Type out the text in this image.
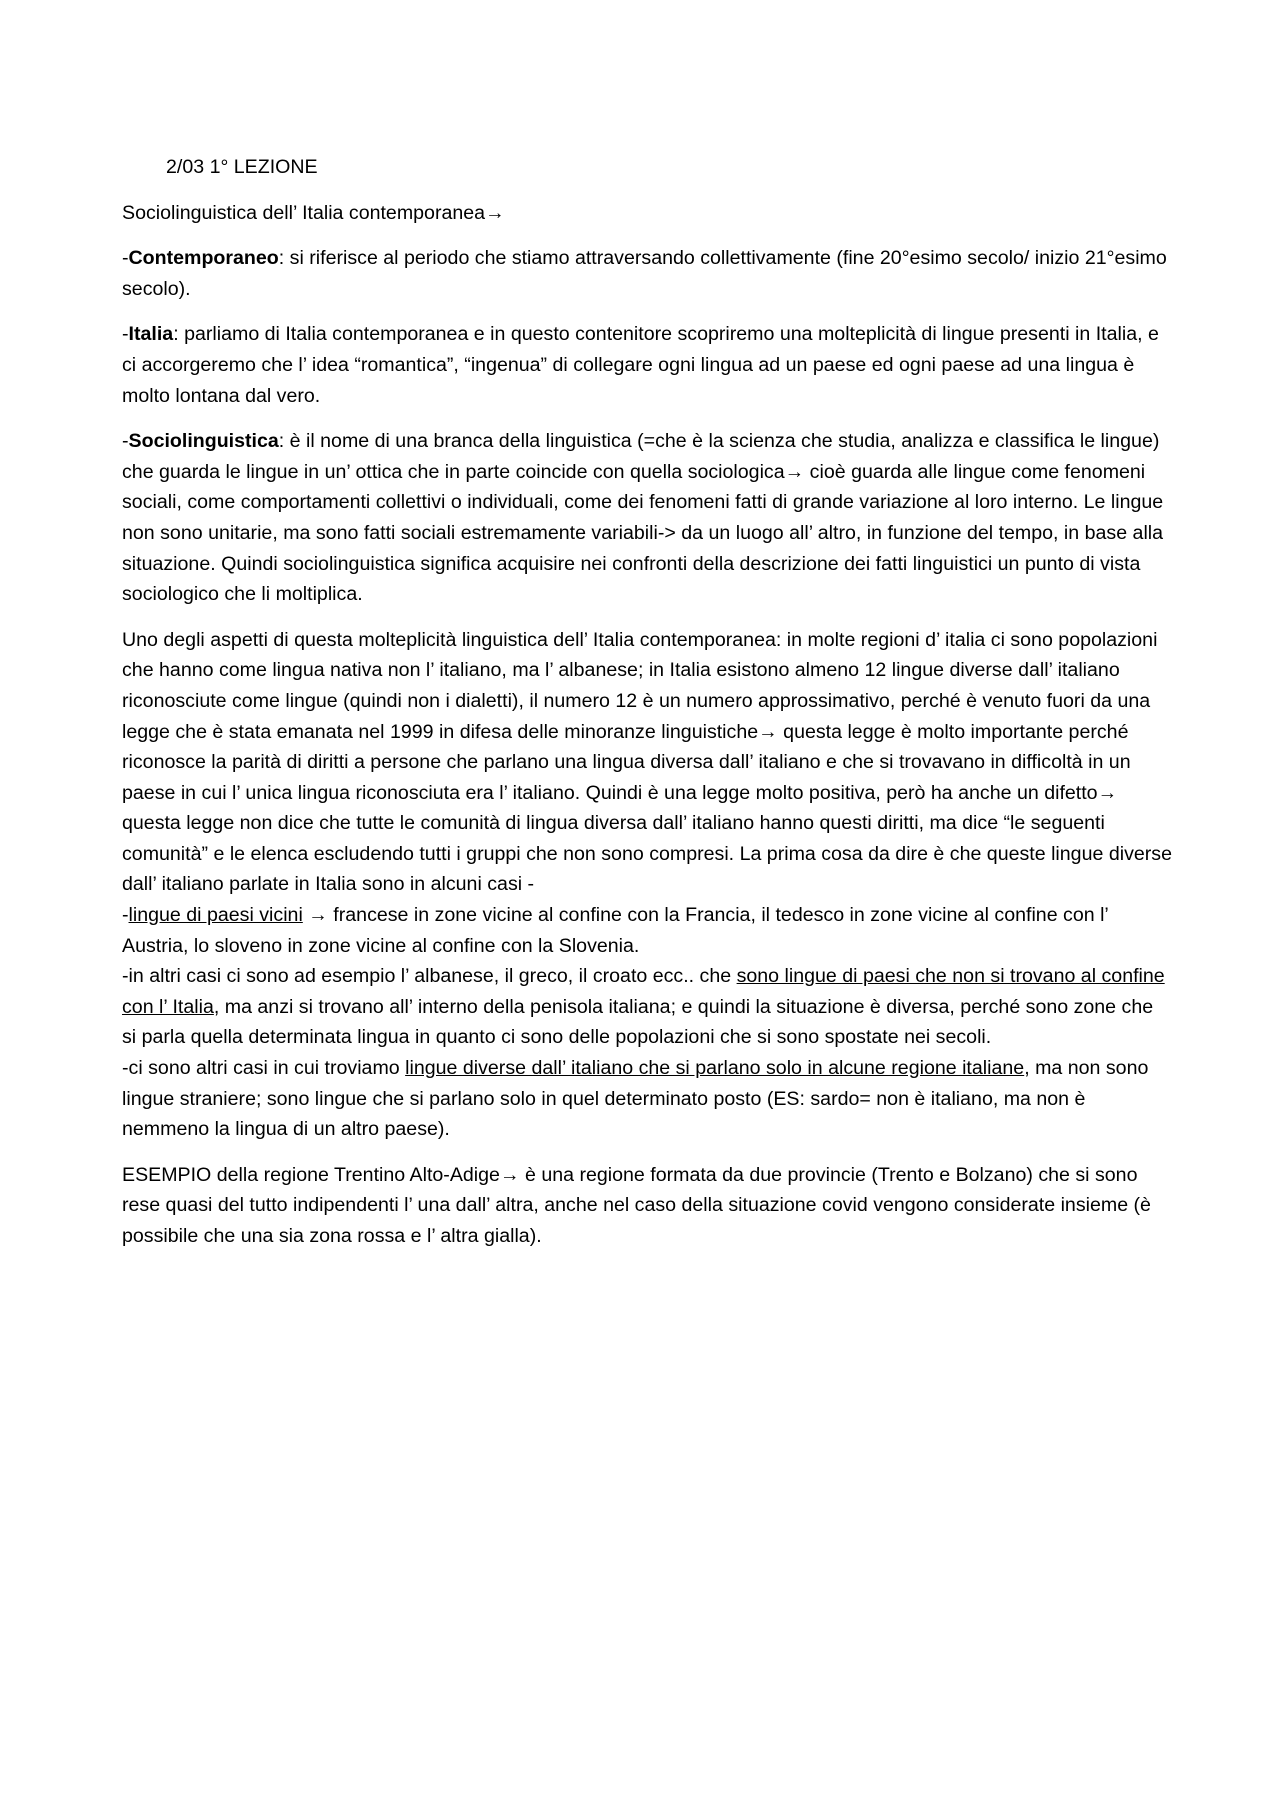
2/03 1° LEZIONE

Sociolinguistica dell’ Italia contemporanea→

-Contemporaneo: si riferisce al periodo che stiamo attraversando collettivamente (fine 20°esimo secolo/ inizio 21°esimo secolo).

-Italia: parliamo di Italia contemporanea e in questo contenitore scopriremo una molteplicità di lingue presenti in Italia, e ci accorgeremo che l’ idea “romantica”, “ingenua” di collegare ogni lingua ad un paese ed ogni paese ad una lingua è molto lontana dal vero.

-Sociolinguistica: è il nome di una branca della linguistica (=che è la scienza che studia, analizza e classifica le lingue) che guarda le lingue in un’ ottica che in parte coincide con quella sociologica→ cioè guarda alle lingue come fenomeni sociali, come comportamenti collettivi o individuali, come dei fenomeni fatti di grande variazione al loro interno. Le lingue non sono unitarie, ma sono fatti sociali estremamente variabili-> da un luogo all’ altro, in funzione del tempo, in base alla situazione. Quindi sociolinguistica significa acquisire nei confronti della descrizione dei fatti linguistici un punto di vista sociologico che li moltiplica.

Uno degli aspetti di questa molteplicità linguistica dell’ Italia contemporanea: in molte regioni d’ italia ci sono popolazioni che hanno come lingua nativa non l’ italiano, ma l’ albanese; in Italia esistono almeno 12 lingue diverse dall’ italiano riconosciute come lingue (quindi non i dialetti), il numero 12 è un numero approssimativo, perché è venuto fuori da una legge che è stata emanata nel 1999 in difesa delle minoranze linguistiche→ questa legge è molto importante perché riconosce la parità di diritti a persone che parlano una lingua diversa dall’ italiano e che si trovavano in difficoltà in un paese in cui l’ unica lingua riconosciuta era l’ italiano. Quindi è una legge molto positiva, però ha anche un difetto→ questa legge non dice che tutte le comunità di lingua diversa dall’ italiano hanno questi diritti, ma dice “le seguenti comunità” e le elenca escludendo tutti i gruppi che non sono compresi. La prima cosa da dire è che queste lingue diverse dall’ italiano parlate in Italia sono in alcuni casi -
-lingue di paesi vicini → francese in zone vicine al confine con la Francia, il tedesco in zone vicine al confine con l’ Austria, lo sloveno in zone vicine al confine con la Slovenia.
-in altri casi ci sono ad esempio l’ albanese, il greco, il croato ecc.. che sono lingue di paesi che non si trovano al confine con l’ Italia, ma anzi si trovano all’ interno della penisola italiana; e quindi la situazione è diversa, perché sono zone che si parla quella determinata lingua in quanto ci sono delle popolazioni che si sono spostate nei secoli.
-ci sono altri casi in cui troviamo lingue diverse dall’ italiano che si parlano solo in alcune regione italiane, ma non sono lingue straniere; sono lingue che si parlano solo in quel determinato posto (ES: sardo= non è italiano, ma non è nemmeno la lingua di un altro paese).

ESEMPIO della regione Trentino Alto-Adige→ è una regione formata da due provincie (Trento e Bolzano) che si sono rese quasi del tutto indipendenti l’ una dall’ altra, anche nel caso della situazione covid vengono considerate insieme (è possibile che una sia zona rossa e l’ altra gialla).
